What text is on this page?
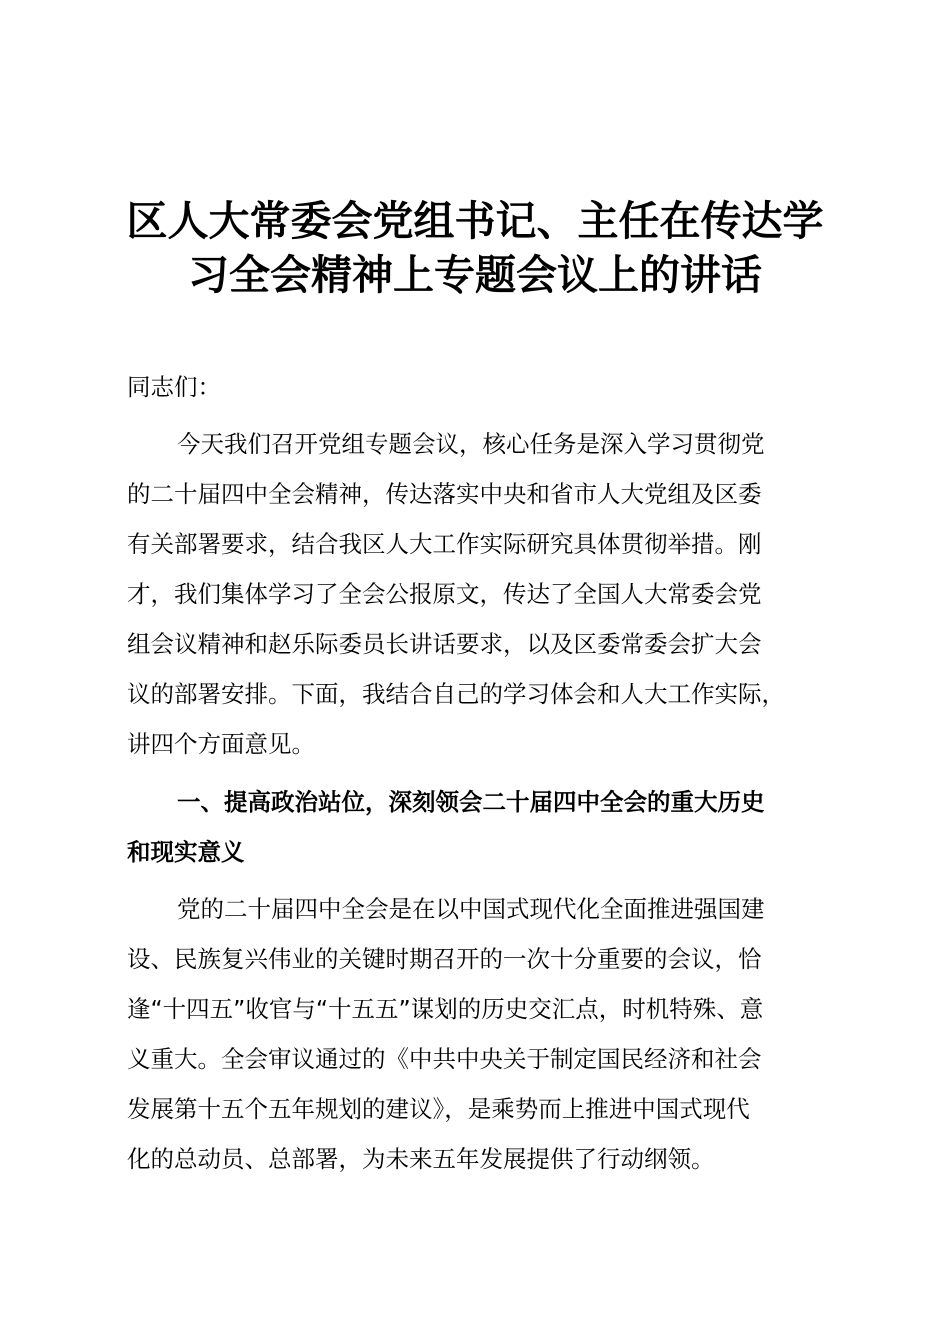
区人大常委会党组书记、主任在传达学
习全会精神上专题会议上的讲话

同志们：

今天我们召开党组专题会议，核心任务是深入学习贯彻党
的二十届四中全会精神，传达落实中央和省市人大党组及区委
有关部署要求，结合我区人大工作实际研究具体贯彻举措。刚
才，我们集体学习了全会公报原文，传达了全国人大常委会党
组会议精神和赵乐际委员长讲话要求，以及区委常委会扩大会
议的部署安排。下面，我结合自己的学习体会和人大工作实际，
讲四个方面意见。

一、提高政治站位，深刻领会二十届四中全会的重大历史
和现实意义

党的二十届四中全会是在以中国式现代化全面推进强国建
设、民族复兴伟业的关键时期召开的一次十分重要的会议，恰
逢“十四五”收官与“十五五”谋划的历史交汇点，时机特殊、意
义重大。全会审议通过的《中共中央关于制定国民经济和社会
发展第十五个五年规划的建议》，是乘势而上推进中国式现代
化的总动员、总部署，为未来五年发展提供了行动纲领。
